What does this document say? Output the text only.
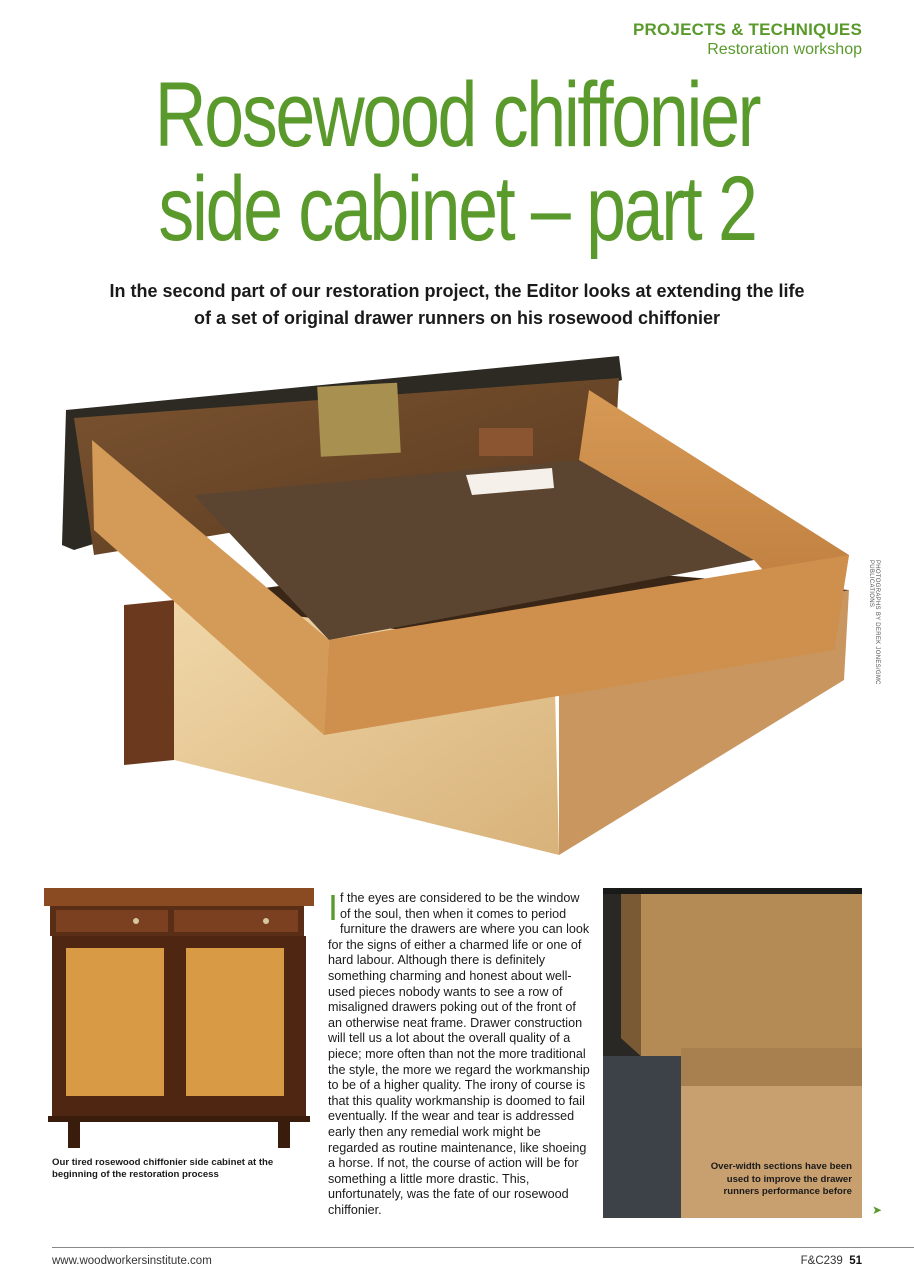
PROJECTS & TECHNIQUES
Restoration workshop
Rosewood chiffonier
side cabinet – part 2
In the second part of our restoration project, the Editor looks at extending the life of a set of original drawer runners on his rosewood chiffonier
PHOTOGRAPHS BY DEREK JONES/GMC PUBLICATIONS
Our tired rosewood chiffonier side cabinet at the beginning of the restoration process
If the eyes are considered to be the window of the soul, then when it comes to period furniture the drawers are where you can look for the signs of either a charmed life or one of hard labour. Although there is definitely something charming and honest about well-used pieces nobody wants to see a row of misaligned drawers poking out of the front of an otherwise neat frame. Drawer construction will tell us a lot about the overall quality of a piece; more often than not the more traditional the style, the more we regard the workmanship to be of a higher quality. The irony of course is that this quality workmanship is doomed to fail eventually. If the wear and tear is addressed early then any remedial work might be regarded as routine maintenance, like shoeing a horse. If not, the course of action will be for something a little more drastic. This, unfortunately, was the fate of our rosewood chiffonier.
Over-width sections have been used to improve the drawer runners performance before
➤
www.woodworkersinstitute.com	F&C239 51
